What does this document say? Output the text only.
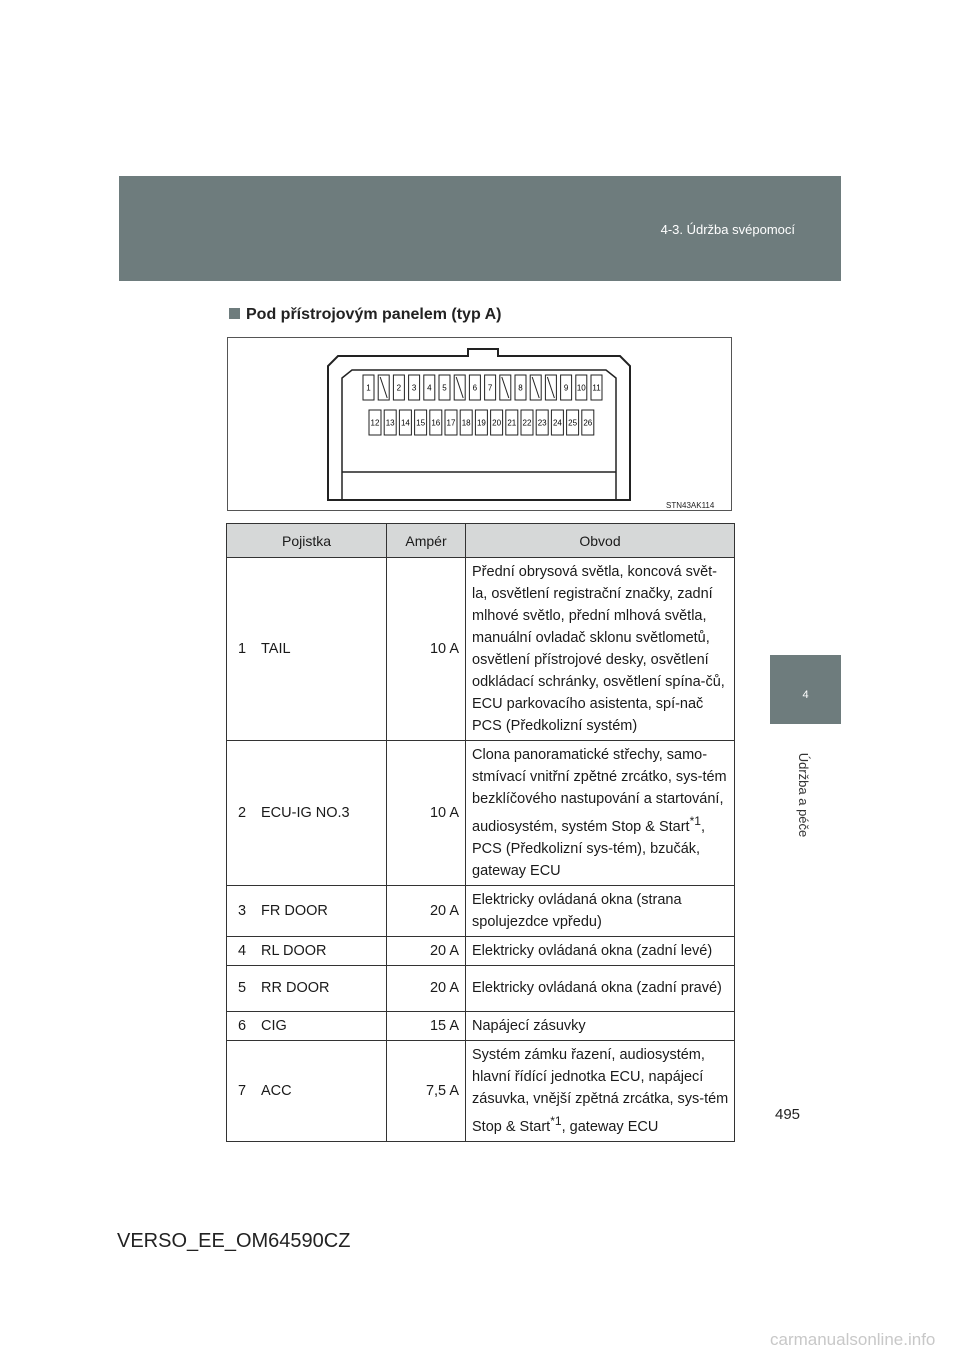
4-3. Údržba svépomocí
4
Údržba a péče
Pod přístrojovým panelem (typ A)
STN43AK114
1	2 3 4 5	6 7	8	9 10 11
12 13 14 15 16 17 18 19 20 21 22 23 24 25 26
Pojistka		Ampér	Obvod
1	TAIL	10 A	Přední obrysová světla, koncová svět-la, osvětlení registrační značky, zadní mlhové světlo, přední mlhová světla, manuální ovladač sklonu světlometů, osvětlení přístrojové desky, osvětlení odkládací schránky, osvětlení spína-čů, ECU parkovacího asistenta, spí-nač PCS (Předkolizní systém)
2	ECU-IG NO.3	10 A	Clona panoramatické střechy, samo-stmívací vnitřní zpětné zrcátko, sys-tém bezklíčového nastupování a startování, audiosystém, systém Stop & Start$^{*1}$, PCS (Předkolizní sys-tém), bzučák, gateway ECU
3	FR DOOR	20 A	Elektricky ovládaná okna (strana spolujezdce vpředu)
4	RL DOOR	20 A	Elektricky ovládaná okna (zadní levé)
5	RR DOOR	20 A	Elektricky ovládaná okna (zadní pravé)
6	CIG	15 A	Napájecí zásuvky
7	ACC	7,5 A	Systém zámku řazení, audiosystém, hlavní řídící jednotka ECU, napájecí zásuvka, vnější zpětná zrcátka, sys-tém Stop & Start$^{*1}$, gateway ECU
495
VERSO_EE_OM64590CZ
carmanualsonline.info
